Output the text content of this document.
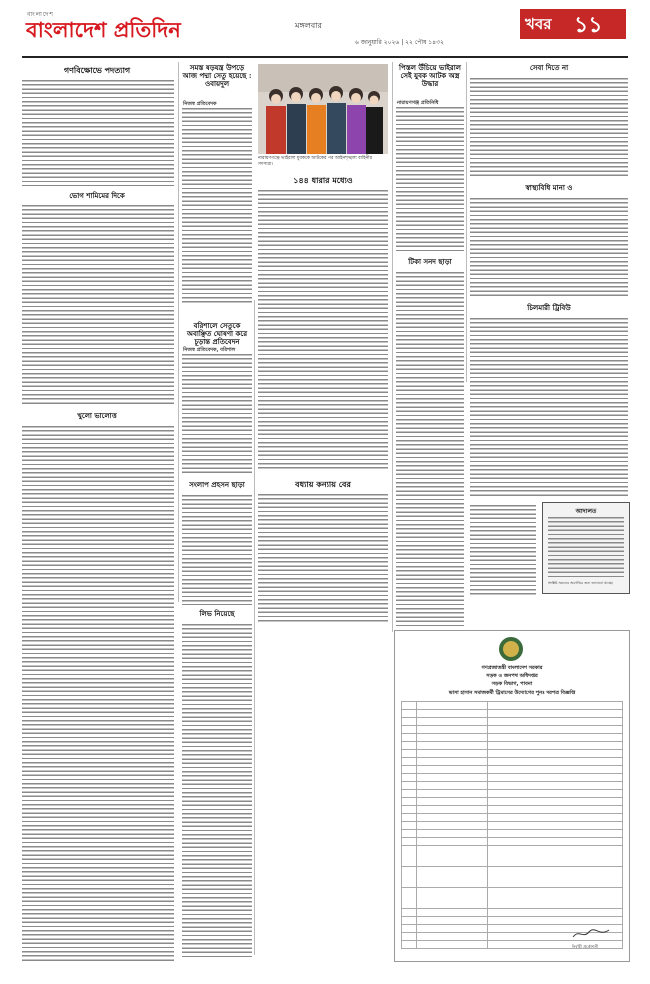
বাংলাদেশ
বাংলাদেশ প্রতিদিন	মঙ্গলবার
৬ জানুয়ারি ২০২৬ | ২২ পৌষ ১৪৩২
খবর ১১
গণবিক্ষোভে পদত্যাগ
ভোগ শামিমের দিকে
খুলো ভালোত্ত
সমস্ত ষড়যন্ত্র উপড়ে আজ পদ্মা সেতু হয়েছে : ওবায়দুল
নিজস্ব প্রতিবেদক
বরিশালে সেতুকে অবাঞ্ছিত ঘোষণা করে চূড়ান্ত প্রতিবেদন
নিজস্ব প্রতিবেদক, বরিশাল
সংলাপ প্রহসন ছাড়া
লিভ নিয়েছে
নারায়ণগঞ্জে ভাইরাল যুবককে আটকের পর আইনশৃঙ্খলা বাহিনীর সদস্যরা।
১৪৪ ধারার মধ্যেও
বধ্যায় কন্যায় বের
পিস্তল উঁচিয়ে ভাইরাল সেই যুবক আটক অস্ত্র উদ্ধার
নারায়ণগঞ্জ প্রতিনিধি
টিকা সনদ ছাড়া
সেবা দিতে না
স্বাস্থ্যবিধি মানা ও
চিলমারী ট্রিবিউ
আদালত
সংশ্লিষ্ট সকলের অবগতির জন্য জানানো যাচ্ছে।
গণপ্রজাতন্ত্রী বাংলাদেশ সরকার
সড়ক ও জনপথ অধিদপ্তর
সড়ক বিভাগ, পাবনা
ভাসা হাসান সমাজকর্মী ট্রিমাসের উদ্যোগের পুনঃ দরপত্র বিজ্ঞপ্তি

নির্বাহী প্রকৌশলী
